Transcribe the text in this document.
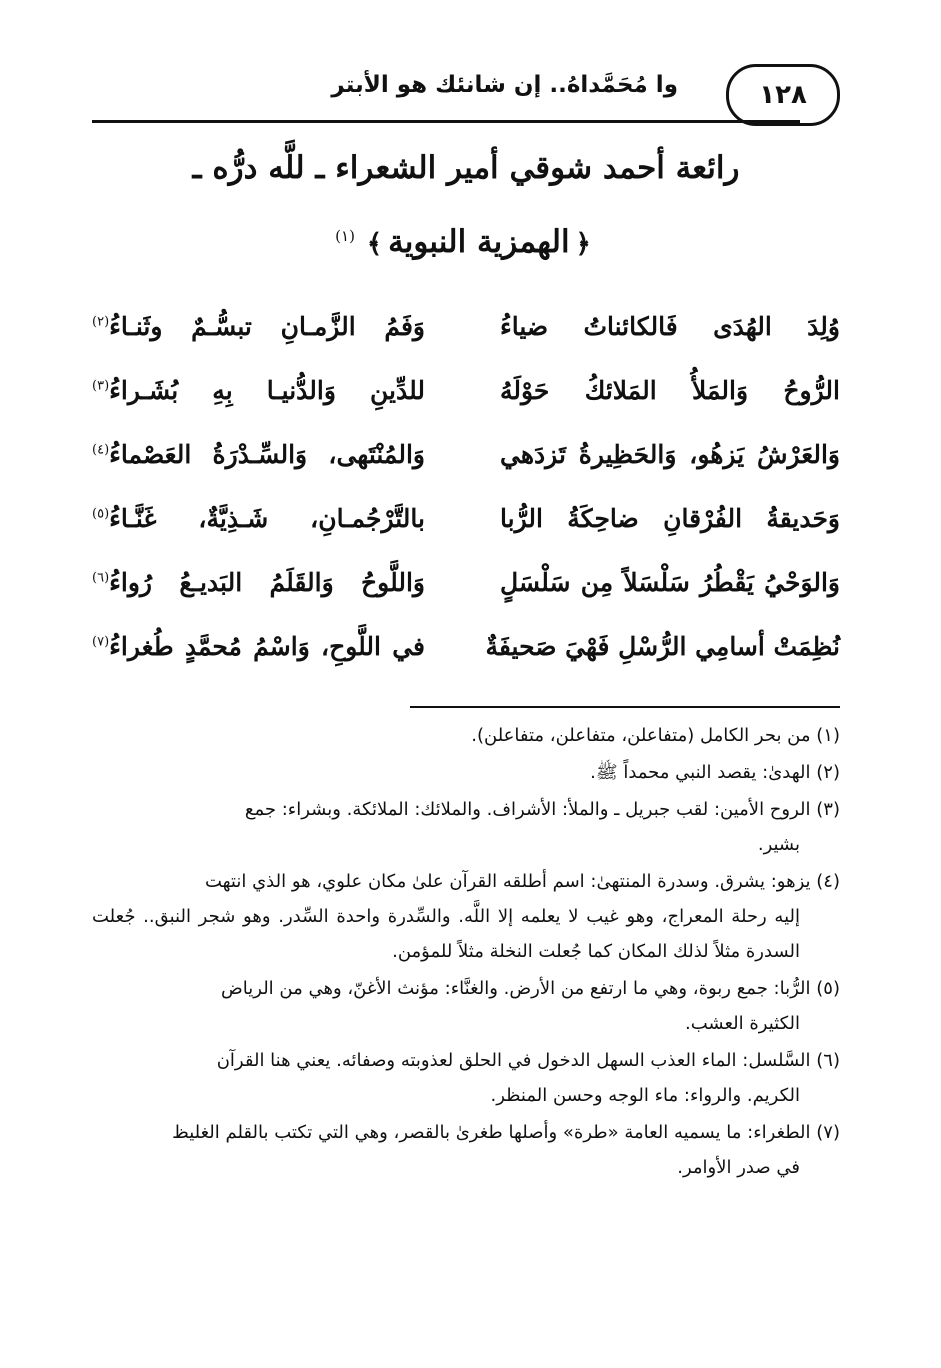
١٢٨
وا مُحَمَّداهُ.. إن شانئك هو الأبتر
رائعة أحمد شوقي أمير الشعراء ـ للَّه درُّه ـ
﴿الهمزية النبوية﴾$^{(١)}$
وُلِدَ الهُدَى فَالكائناتُ ضياءُ
وَفَمُ الزَّمـانِ تبسُّـمٌ وثَنـاءُ$^{(٢)}$
الرُّوحُ وَالمَلأُ المَلائكُ حَوْلَهُ
للدِّينِ وَالدُّنيـا بِهِ بُشَـراءُ$^{(٣)}$
وَالعَرْشُ يَزهُو، وَالحَظِيرةُ تَزدَهي
وَالمُنْتَهى، وَالسِّـدْرَةُ العَصْماءُ$^{(٤)}$
وَحَديقةُ الفُرْقانِ ضاحِكَةُ الرُّبا
بالتَّرْجُمـانِ، شَـذِيَّةٌ، غَنَّـاءُ$^{(٥)}$
وَالوَحْيُ يَقْطُرُ سَلْسَلاً مِن سَلْسَلٍ
وَاللَّوحُ وَالقَلَمُ البَديـعُ رُواءُ$^{(٦)}$
نُظِمَتْ أسامِي الرُّسْلِ فَهْيَ صَحيفَةٌ
في اللَّوحِ، وَاسْمُ مُحمَّدٍ طُغراءُ$^{(٧)}$
(١) من بحر الكامل (متفاعلن، متفاعلن، متفاعلن).
(٢) الهدىٰ: يقصد النبي محمداً ﷺ.
(٣) الروح الأمين: لقب جبريل ـ والملأ: الأشراف. والملائك: الملائكة. وبشراء: جمع
بشير.
(٤) يزهو: يشرق. وسدرة المنتهىٰ: اسم أطلقه القرآن علىٰ مكان علوي، هو الذي انتهت
إليه رحلة المعراج، وهو غيب لا يعلمه إلا اللَّه. والسِّدرة واحدة السِّدر. وهو شجر النبق.. جُعلت السدرة مثلاً لذلك المكان كما جُعلت النخلة مثلاً للمؤمن.
(٥) الرُّبا: جمع ربوة، وهي ما ارتفع من الأرض. والغنَّاء: مؤنث الأغنّ، وهي من الرياض
الكثيرة العشب.
(٦) السَّلسل: الماء العذب السهل الدخول في الحلق لعذوبته وصفائه. يعني هنا القرآن
الكريم. والرواء: ماء الوجه وحسن المنظر.
(٧) الطغراء: ما يسميه العامة «طرة» وأصلها طغرىٰ بالقصر، وهي التي تكتب بالقلم الغليظ
في صدر الأوامر.
